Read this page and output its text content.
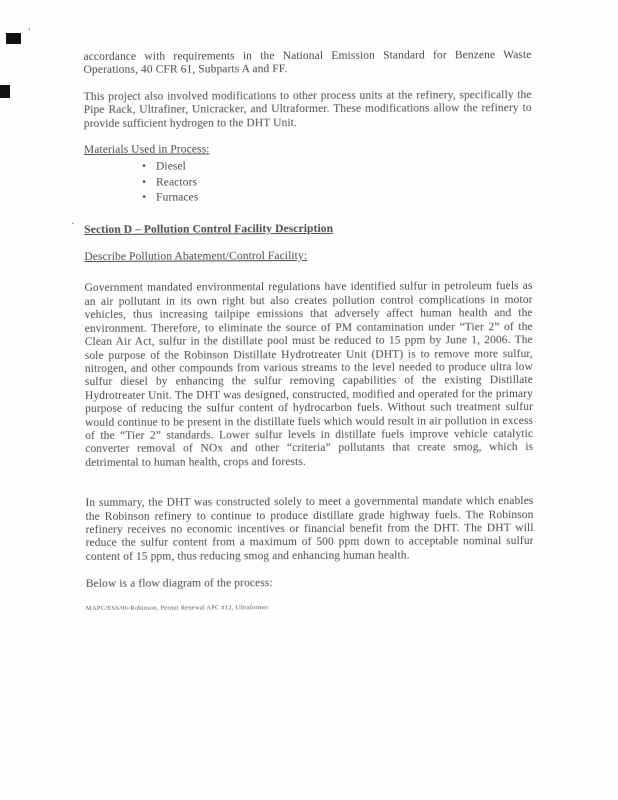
'
·

accordance with requirements in the National Emission Standard for Benzene Waste Operations, 40 CFR 61, Subparts A and FF.

This project also involved modifications to other process units at the refinery, specifically the Pipe Rack, Ultrafiner, Unicracker, and Ultraformer. These modifications allow the refinery to provide sufficient hydrogen to the DHT Unit.

Materials Used in Process:

• Diesel
• Reactors
• Furnaces

Section D – Pollution Control Facility Description

Describe Pollution Abatement/Control Facility:

Government mandated environmental regulations have identified sulfur in petroleum fuels as an air pollutant in its own right but also creates pollution control complications in motor vehicles, thus increasing tailpipe emissions that adversely affect human health and the environment. Therefore, to eliminate the source of PM contamination under “Tier 2” of the Clean Air Act, sulfur in the distillate pool must be reduced to 15 ppm by June 1, 2006. The sole purpose of the Robinson Distillate Hydrotreater Unit (DHT) is to remove more sulfur, nitrogen, and other compounds from various streams to the level needed to produce ultra low sulfur diesel by enhancing the sulfur removing capabilities of the existing Distillate Hydrotreater Unit. The DHT was designed, constructed, modified and operated for the primary purpose of reducing the sulfur content of hydrocarbon fuels. Without such treatment sulfur would continue to be present in the distillate fuels which would result in air pollution in excess of the “Tier 2” standards. Lower sulfur levels in distillate fuels improve vehicle catalytic converter removal of NOx and other “criteria” pollutants that create smog, which is detrimental to human health, crops and forests.

In summary, the DHT was constructed solely to meet a governmental mandate which enables the Robinson refinery to continue to produce distillate grade highway fuels. The Robinson refinery receives no economic incentives or financial benefit from the DHT. The DHT will reduce the sulfur content from a maximum of 500 ppm down to acceptable nominal sulfur content of 15 ppm, thus reducing smog and enhancing human health.

Below is a flow diagram of the process:

MAPC/ESS/06-Robinson, Permit Renewal APC #12, Ultraformer
